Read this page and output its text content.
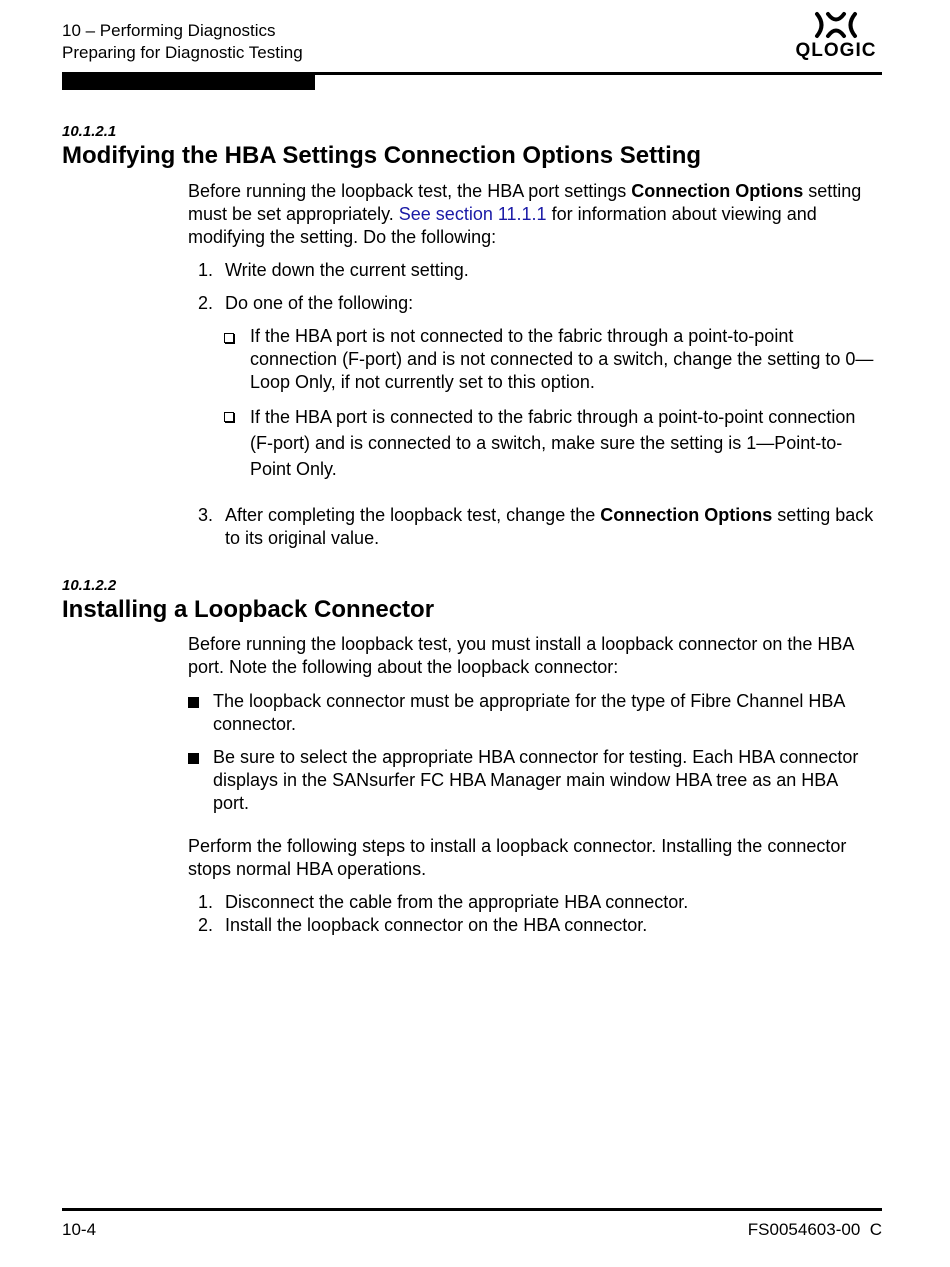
10 – Performing Diagnostics
Preparing for Diagnostic Testing	QLOGIC
10.1.2.1
Modifying the HBA Settings Connection Options Setting

Before running the loopback test, the HBA port settings Connection Options setting must be set appropriately. See section 11.1.1 for information about viewing and modifying the setting. Do the following:

1. Write down the current setting.
2. Do one of the following:
If the HBA port is not connected to the fabric through a point-to-point connection (F-port) and is not connected to a switch, change the setting to 0—Loop Only, if not currently set to this option.
If the HBA port is connected to the fabric through a point-to-point connection (F-port) and is connected to a switch, make sure the setting is 1—Point-to-Point Only.
3. After completing the loopback test, change the Connection Options setting back to its original value.
10.1.2.2
Installing a Loopback Connector

Before running the loopback test, you must install a loopback connector on the HBA port. Note the following about the loopback connector:

The loopback connector must be appropriate for the type of Fibre Channel HBA connector.
Be sure to select the appropriate HBA connector for testing. Each HBA connector displays in the SANsurfer FC HBA Manager main window HBA tree as an HBA port.

Perform the following steps to install a loopback connector. Installing the connector stops normal HBA operations.

1. Disconnect the cable from the appropriate HBA connector.
2. Install the loopback connector on the HBA connector.
10-4	FS0054603-00  C
